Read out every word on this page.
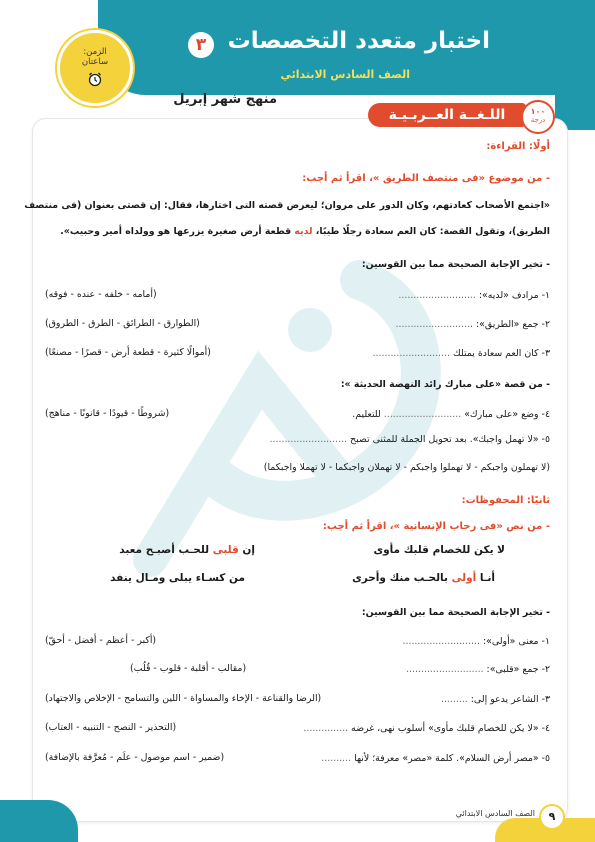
اختبار متعدد التخصصات
٣
الصف السادس الابتدائي
منهج شهر إبريل
الزمن:
ساعتان
اللـغــة العــربـيـة	١٠٠
درجة
أولًا: القراءة:
- من موضوع «فى منتصف الطريق »، اقرأ ثم أجب:
«اجتمع الأصحاب كعادتهم، وكان الدور على مروان؛ ليعرض قصته التى اختارها، فقال: إن قصتى بعنوان (فى منتصف
الطريق)، وتقول القصة: كان العم سعادة رجلًا طيبًا، لديه قطعة أرض صغيرة يزرعها هو وولداه أمير وحبيب».
- تخير الإجابة الصحيحة مما بين القوسين:
١- مرادف «لديه»: ..........................
(أمامه - خلفه - عنده - فوقه)
٢- جمع «الطريق»: ..........................
(الطوارق - الطرائق - الطرق - الطروق)
٣- كان العم سعادة يمتلك ..........................
(أموالًا كثيرة - قطعة أرض - قصرًا - مصنعًا)
- من قصة «على مبارك رائد النهضة الحديثة »:
٤- وضع «على مبارك» .......................... للتعليم.
(شروطًا - قيودًا - قانونًا - مناهج)
٥- «لا تهمل واجبك». بعد تحويل الجملة للمثنى تصبح ..........................
(لا تهملون واجبكم - لا تهملوا واجبكم - لا تهملان واجبكما - لا تهملا واجبكما)
ثانيًا: المحفوظات:
- من نص «فى رحاب الإنسانية »، اقرأ ثم أجب:
لا يكن للخصام قلبك مأوى
إن قلبى للحـب أصبـح معبد
أنـا أولى بالحـب منك وأحرى
من كسـاء يبلى ومـال ينفد
- تخير الإجابة الصحيحة مما بين القوسين:
١- معنى «أولى»: ..........................
(أكبر - أعظم - أفضل - أحقّ)
٢- جمع «قلبى»: ..........................
(مقالب - أقلبة - قلوب - قُلُب)
٣- الشاعر يدعو إلى: .........
(الرضا والقناعة - الإخاء والمساواة - اللين والتسامح - الإخلاص والاجتهاد)
٤- «لا يكن للخصام قلبك مأوى» أسلوب نهى، غرضه ...............
(التحذير - النصح - التنبيه - العتاب)
٥- «مصر أرض السلام». كلمة «مصر» معرفة؛ لأنها ..........
(ضمير - اسم موصول - علَم - مُعرَّفة بالإضافة)
٩
الصف السادس الابتدائي
